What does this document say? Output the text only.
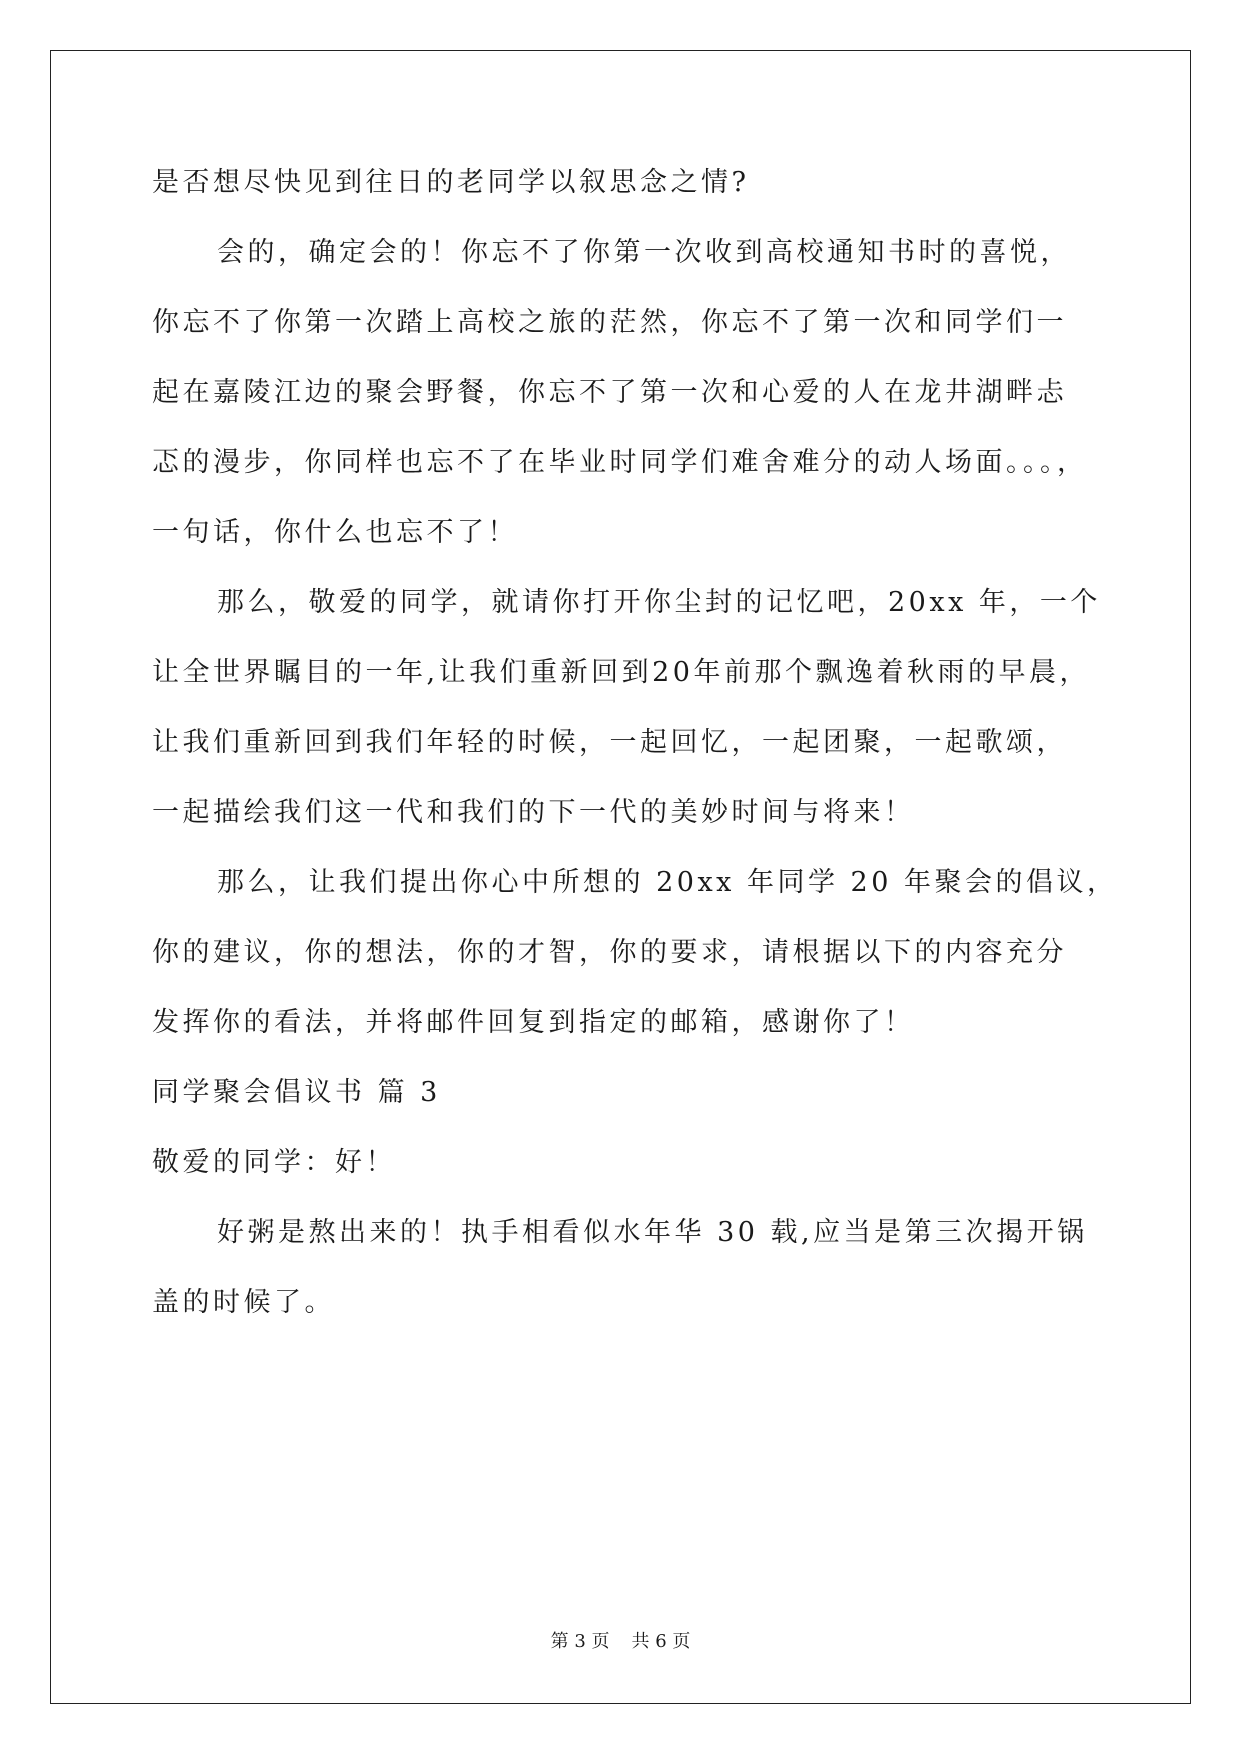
是否想尽快见到往日的老同学以叙思念之情?
会的，确定会的！你忘不了你第一次收到高校通知书时的喜悦，
你忘不了你第一次踏上高校之旅的茫然，你忘不了第一次和同学们一
起在嘉陵江边的聚会野餐，你忘不了第一次和心爱的人在龙井湖畔忐
忑的漫步，你同样也忘不了在毕业时同学们难舍难分的动人场面。。。，
一句话，你什么也忘不了！
那么，敬爱的同学，就请你打开你尘封的记忆吧，20xx 年，一个
让全世界瞩目的一年,让我们重新回到20年前那个飘逸着秋雨的早晨，
让我们重新回到我们年轻的时候，一起回忆，一起团聚，一起歌颂，
一起描绘我们这一代和我们的下一代的美妙时间与将来！
那么，让我们提出你心中所想的 20xx 年同学 20 年聚会的倡议，
你的建议，你的想法，你的才智，你的要求，请根据以下的内容充分
发挥你的看法，并将邮件回复到指定的邮箱，感谢你了！
同学聚会倡议书 篇 3
敬爱的同学：好！
好粥是熬出来的！执手相看似水年华 30 载,应当是第三次揭开锅
盖的时候了。
第 3 页 共 6 页
